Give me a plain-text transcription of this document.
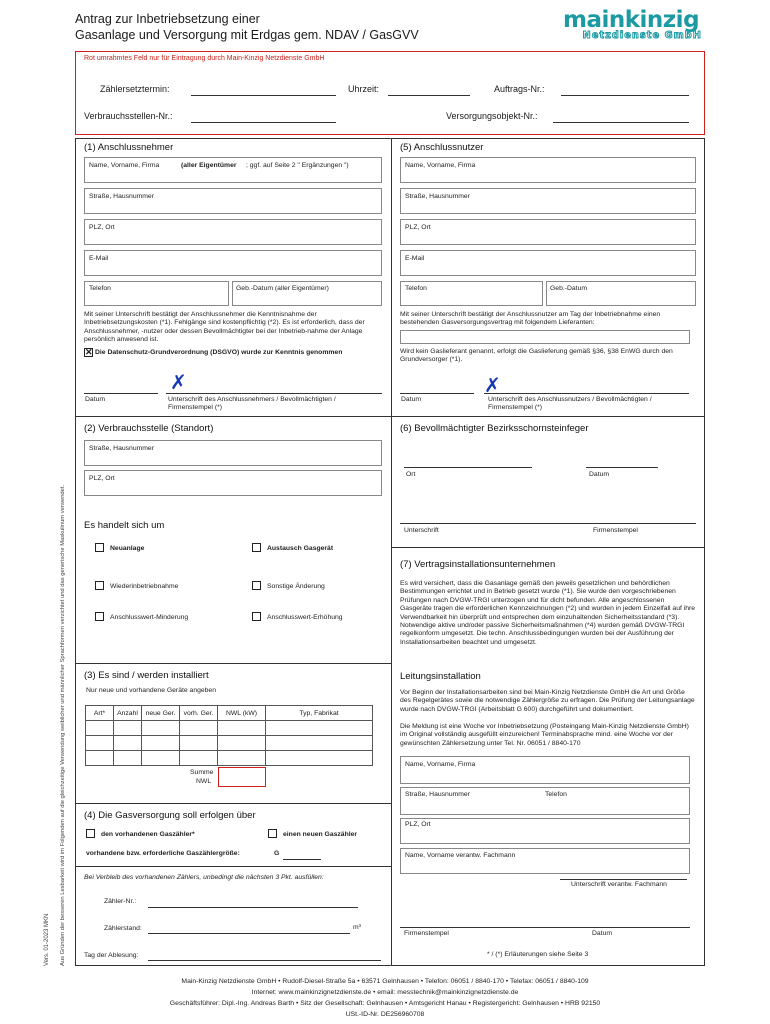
Antrag zur Inbetriebsetzung einer
Gasanlage und Versorgung mit Erdgas gem. NDAV / GasGVV
mainkinzig
Netzdienste GmbH
Rot umrahmtes Feld nur für Eintragung durch Main-Kinzig Netzdienste GmbH
Zählersetztermin:	Uhrzeit:	Auftrags-Nr.:
Verbrauchsstellen-Nr.:	Versorgungsobjekt-Nr.:
Aus Gründen der besseren Lesbarkeit wird im Folgenden auf die gleichzeitige Verwendung weiblicher und männlicher Sprachformen verzichtet und das generische Maskulinum verwendet.
Vers. 01-2023 MKN
(1) Anschlussnehmer
Name, Vorname, Firma	(aller Eigentümer ; ggf. auf Seite 2 " Ergänzungen ")
Straße, Hausnummer
PLZ, Ort
E-Mail
Telefon	Geb.-Datum (aller Eigentümer)
Mit seiner Unterschrift bestätigt der Anschlussnehmer die Kenntnisnahme der Inbetriebsetzungskosten (*1). Fehlgänge sind kostenpflichtig (*2). Es ist erforderlich, dass der Anschlussnehmer, -nutzer oder dessen Bevollmächtigter bei der Inbetrieb-nahme der Anlage persönlich anwesend ist.
✕ Die Datenschutz-Grundverordnung (DSGVO) wurde zur Kenntnis genommen
✗
Datum	Unterschrift des Anschlussnehmers / Bevollmächtigten / Firmenstempel (*)
(5) Anschlussnutzer
Name, Vorname, Firma
Straße, Hausnummer
PLZ, Ort
E-Mail
Telefon	Geb.-Datum
Mit seiner Unterschrift bestätigt der Anschlussnutzer am Tag der Inbetriebnahme einen bestehenden Gasversorgungsvertrag mit folgendem Lieferanten:
Wird kein Gaslieferant genannt, erfolgt die Gaslieferung gemäß §36, §38 EnWG durch den Grundversorger (*1).
✗
Datum	Unterschrift des Anschlussnutzers / Bevollmächtigten / Firmenstempel (*)
(2) Verbrauchsstelle (Standort)
Straße, Hausnummer
PLZ, Ort
Es handelt sich um
Neuanlage	Austausch Gasgerät
Wiederinbetriebnahme	Sonstige Änderung
Anschlusswert-Minderung	Anschlusswert-Erhöhung
(6) Bevollmächtigter Bezirksschornsteinfeger
Ort	Datum
Unterschrift	Firmenstempel
(7) Vertragsinstallationsunternehmen
Es wird versichert, dass die Gasanlage gemäß den jeweils gesetzlichen und behördlichen Bestimmungen errichtet und in Betrieb gesetzt wurde (*1). Sie wurde den vorgeschriebenen Prüfungen nach DVGW-TRGI unterzogen und für dicht befunden. Alle angeschlossenen Gasgeräte tragen die erforderlichen Kennzeichnungen (*2) und wurden in jedem Einzelfall auf ihre Verwendbarkeit hin überprüft und entsprechen dem einzuhaltenden Sicherheitsstandard (*3). Notwendige aktive und/oder passive Sicherheitsmaßnahmen (*4) wurden gemäß DVGW-TRGI regelkonform umgesetzt. Die techn. Anschlussbedingungen wurden bei der Ausführung der Installationsarbeiten beachtet und umgesetzt.
Leitungsinstallation
Vor Beginn der Installationsarbeiten sind bei Main-Kinzig Netzdienste GmbH die Art und Größe des Regelgerätes sowie die notwendige Zählergröße zu erfragen. Die Prüfung der Leitungsanlage wurde nach DVGW-TRGI (Arbeitsblatt G 600) durchgeführt und dokumentiert.
Die Meldung ist eine Woche vor Inbetriebsetzung (Posteingang Main-Kinzig Netzdienste GmbH) im Original vollständig ausgefüllt einzureichen! Terminabsprache mind. eine Woche vor der gewünschten Zählersetzung unter Tel. Nr. 06051 / 8840-170
Name, Vorname, Firma
Straße, Hausnummer	Telefon
PLZ, Ort
Name, Vorname verantw. Fachmann
Unterschrift verantw. Fachmann
Firmenstempel	Datum
* / (*) Erläuterungen siehe Seite 3
(3) Es sind / werden installiert
Nur neue und vorhandene Geräte angeben
Art*	Anzahl	neue Ger.	vorh. Ger.	NWL (kW)	Typ, Fabrikat

Summe
NWL
(4) Die Gasversorgung soll erfolgen über
den vorhandenen Gaszähler*	einen neuen Gaszähler
vorhandene bzw. erforderliche Gaszählergröße:	G
Bei Verbleib des vorhandenen Zählers, unbedingt die nächsten 3 Pkt. ausfüllen:
Zähler-Nr.:
Zählerstand:	m³
Tag der Ablesung:
Main-Kinzig Netzdienste GmbH • Rudolf-Diesel-Straße 5a • 63571 Gelnhausen • Telefon: 06051 / 8840-170 • Telefax: 06051 / 8840-109
Internet: www.mainkinzignetzdienste.de • email: messtechnik@mainkinzignetzdienste.de
Geschäftsführer: Dipl.-Ing. Andreas Barth • Sitz der Gesellschaft: Gelnhausen • Amtsgericht Hanau • Registergericht: Gelnhausen • HRB 92150
USt.-ID-Nr. DE256960708
